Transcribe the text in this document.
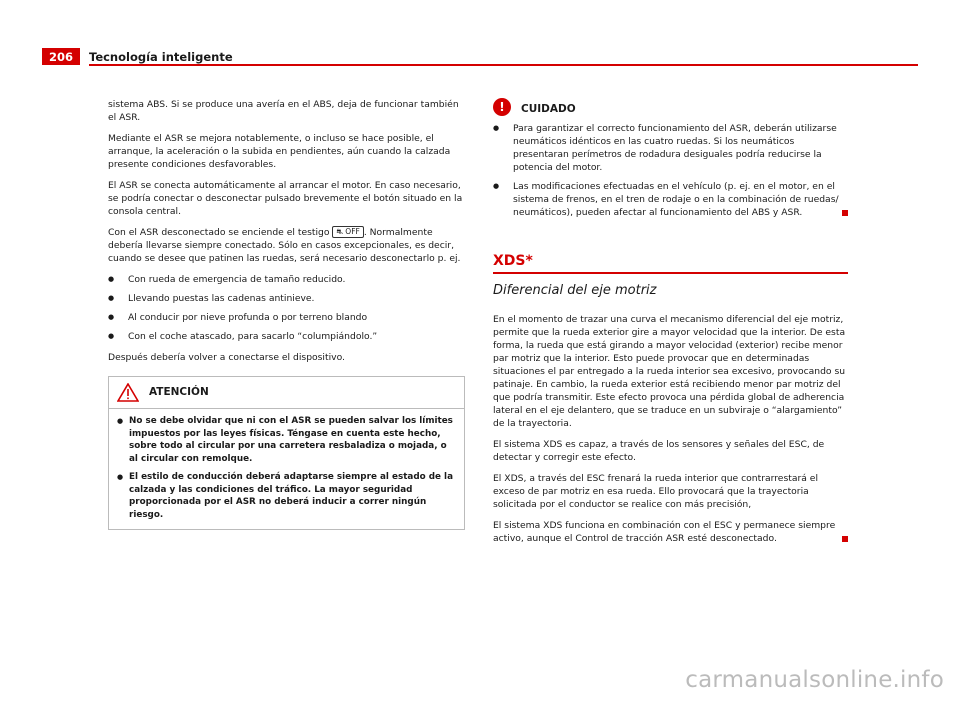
206	Tecnología inteligente

sistema ABS. Si se produce una avería en el ABS, deja de funcionar también el ASR.

Mediante el ASR se mejora notablemente, o incluso se hace posible, el arranque, la aceleración o la subida en pendientes, aún cuando la calzada presente condiciones desfavorables.

El ASR se conecta automáticamente al arrancar el motor. En caso necesario, se podría conectar o desconectar pulsado brevemente el botón situado en la consola central.

Con el ASR desconectado se enciende el testigo ⛐ OFF . Normalmente debería llevarse siempre conectado. Sólo en casos excepcionales, es decir, cuando se desee que patinen las ruedas, será necesario desconectarlo p. ej.

● Con rueda de emergencia de tamaño reducido.
● Llevando puestas las cadenas antinieve.
● Al conducir por nieve profunda o por terreno blando
● Con el coche atascado, para sacarlo “columpiándolo.”

Después debería volver a conectarse el dispositivo.

ATENCIÓN
● No se debe olvidar que ni con el ASR se pueden salvar los límites impuestos por las leyes físicas. Téngase en cuenta este hecho, sobre todo al circular por una carretera resbaladiza o mojada, o al circular con remolque.
● El estilo de conducción deberá adaptarse siempre al estado de la calzada y las condiciones del tráfico. La mayor seguridad proporcionada por el ASR no deberá inducir a correr ningún riesgo.
!	CUIDADO
● Para garantizar el correcto funcionamiento del ASR, deberán utilizarse neumáticos idénticos en las cuatro ruedas. Si los neumáticos presentaran perímetros de rodadura desiguales podría reducirse la potencia del motor.
● Las modificaciones efectuadas en el vehículo (p. ej. en el motor, en el sistema de frenos, en el tren de rodaje o en la combinación de ruedas/ neumáticos), pueden afectar al funcionamiento del ABS y ASR.
XDS*
Diferencial del eje motriz

En el momento de trazar una curva el mecanismo diferencial del eje motriz, permite que la rueda exterior gire a mayor velocidad que la interior. De esta forma, la rueda que está girando a mayor velocidad (exterior) recibe menor par motriz que la interior. Esto puede provocar que en determinadas situaciones el par entregado a la rueda interior sea excesivo, provocando su patinaje. En cambio, la rueda exterior está recibiendo menor par motriz del que podría transmitir. Este efecto provoca una pérdida global de adherencia lateral en el eje delantero, que se traduce en un subviraje o “alargamiento” de la trayectoria.

El sistema XDS es capaz, a través de los sensores y señales del ESC, de detectar y corregir este efecto.

El XDS, a través del ESC frenará la rueda interior que contrarrestará el exceso de par motriz en esa rueda. Ello provocará que la trayectoria solicitada por el conductor se realice con más precisión,

El sistema XDS funciona en combinación con el ESC y permanece siempre activo, aunque el Control de tracción ASR esté desconectado.

carmanualsonline.info
